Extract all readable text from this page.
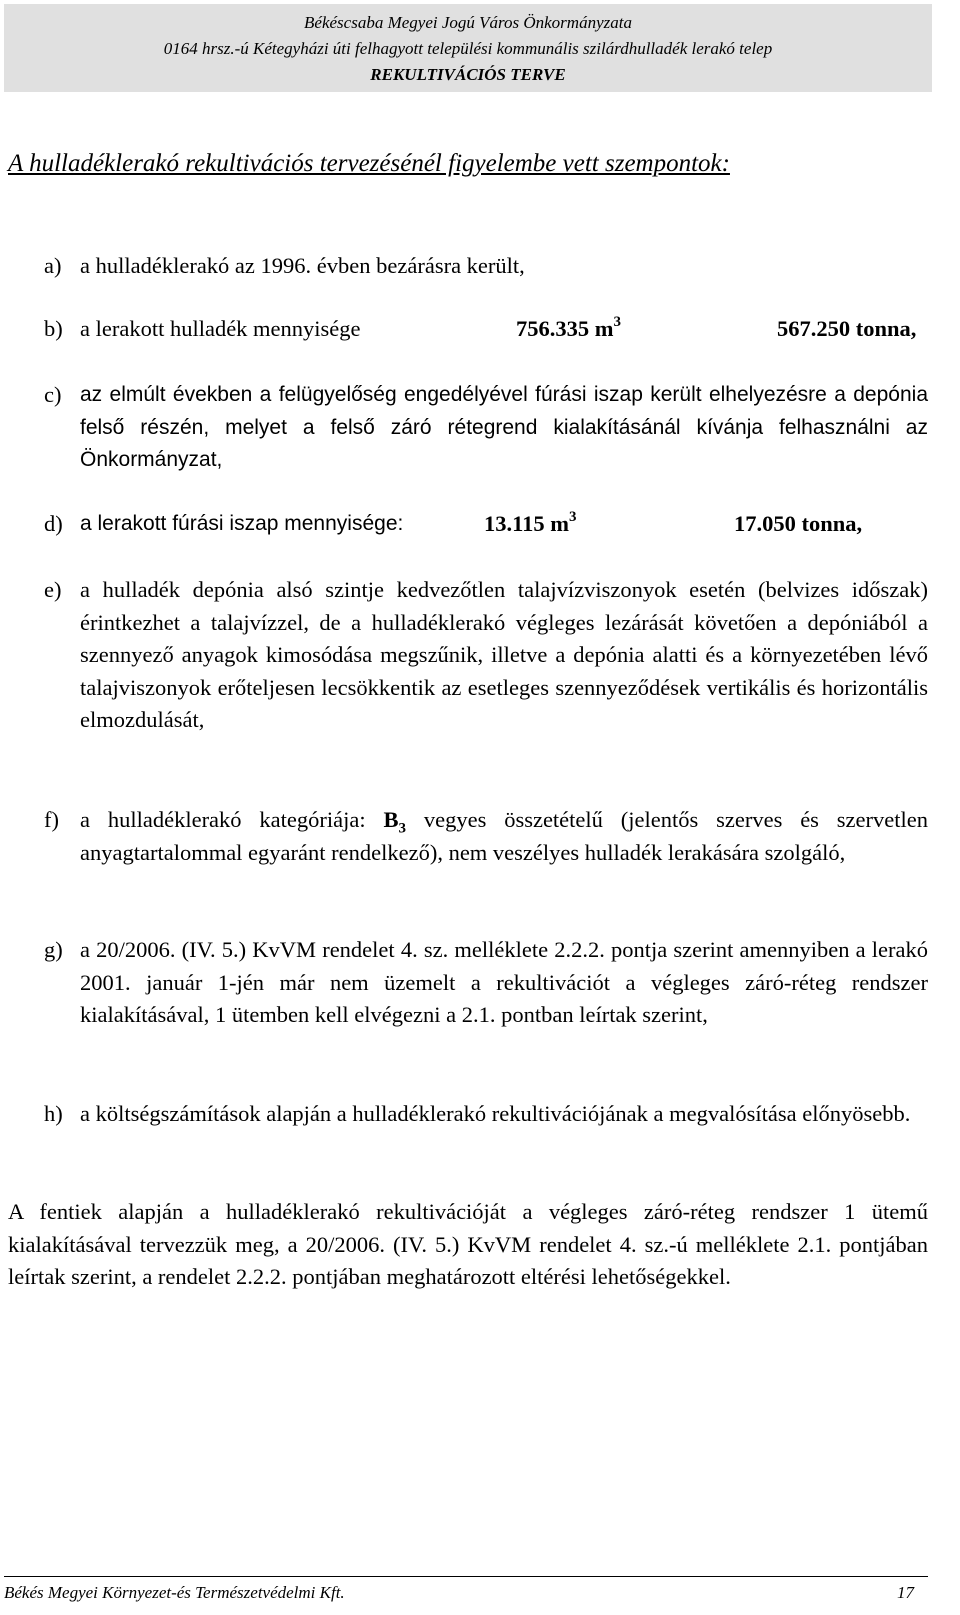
Békéscsaba Megyei Jogú Város Önkormányzata
0164 hrsz.-ú Kétegyházi úti felhagyott települési kommunális szilárdhulladék lerakó telep
REKULTIVÁCIÓS TERVE
A hulladéklerakó rekultivációs tervezésénél figyelembe vett szempontok:
a) a hulladéklerakó az 1996. évben bezárásra került,
b) a lerakott hulladék mennyisége	756.335 $m^3$	567.250 tonna,
c) az elmúlt években a felügyelőség engedélyével fúrási iszap került elhelyezésre a depónia felső részén, melyet a felső záró rétegrend kialakításánál kívánja felhasználni az Önkormányzat,
d) a lerakott fúrási iszap mennyisége:	13.115 $m^3$	17.050 tonna,
e) a hulladék depónia alsó szintje kedvezőtlen talajvízviszonyok esetén (belvizes időszak) érintkezhet a talajvízzel, de a hulladéklerakó végleges lezárását követően a depóniából a szennyező anyagok kimosódása megszűnik, illetve a depónia alatti és a környezetében lévő talajviszonyok erőteljesen lecsökkentik az esetleges szennyeződések vertikális és horizontális elmozdulását,
f) a hulladéklerakó kategóriája: $B_3$ vegyes összetételű (jelentős szerves és szervetlen anyagtartalommal egyaránt rendelkező), nem veszélyes hulladék lerakására szolgáló,
g) a 20/2006. (IV. 5.) KvVM rendelet 4. sz. melléklete 2.2.2. pontja szerint amennyiben a lerakó 2001. január 1-jén már nem üzemelt a rekultivációt a végleges záró-réteg rendszer kialakításával, 1 ütemben kell elvégezni a 2.1. pontban leírtak szerint,
h) a költségszámítások alapján a hulladéklerakó rekultivációjának a megvalósítása előnyösebb.
A fentiek alapján a hulladéklerakó rekultivációját a végleges záró-réteg rendszer 1 ütemű kialakításával tervezzük meg, a 20/2006. (IV. 5.) KvVM rendelet 4. sz.-ú melléklete 2.1. pontjában leírtak szerint, a rendelet 2.2.2. pontjában meghatározott eltérési lehetőségekkel.
Békés Megyei Környezet-és Természetvédelmi Kft.	17
